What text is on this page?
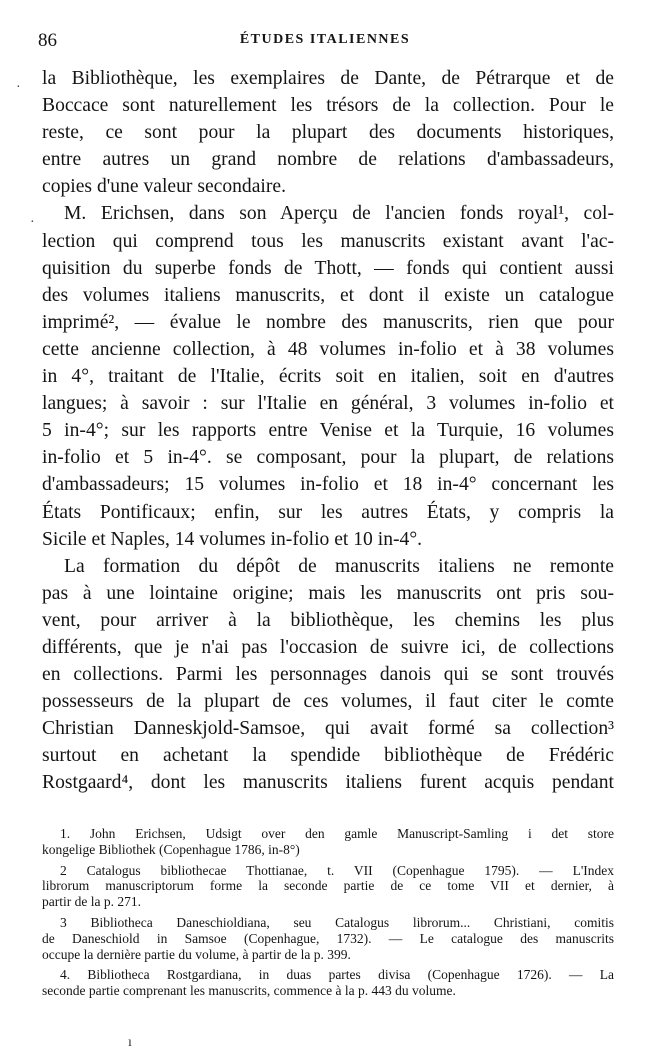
86	ÉTUDES ITALIENNES
·
·
la Bibliothèque, les exemplaires de Dante, de Pétrarque et de
Boccace sont naturellement les trésors de la collection. Pour le
reste, ce sont pour la plupart des documents historiques,
entre autres un grand nombre de relations d'ambassadeurs,
copies d'une valeur secondaire.
M. Erichsen, dans son Aperçu de l'ancien fonds royal¹, col-
lection qui comprend tous les manuscrits existant avant l'ac-
quisition du superbe fonds de Thott, — fonds qui contient aussi
des volumes italiens manuscrits, et dont il existe un catalogue
imprimé², — évalue le nombre des manuscrits, rien que pour
cette ancienne collection, à 48 volumes in-folio et à 38 volumes
in 4°, traitant de l'Italie, écrits soit en italien, soit en d'autres
langues; à savoir : sur l'Italie en général, 3 volumes in-folio et
5 in-4°; sur les rapports entre Venise et la Turquie, 16 volumes
in-folio et 5 in-4°. se composant, pour la plupart, de relations
d'ambassadeurs; 15 volumes in-folio et 18 in-4° concernant les
États Pontificaux; enfin, sur les autres États, y compris la
Sicile et Naples, 14 volumes in-folio et 10 in-4°.
La formation du dépôt de manuscrits italiens ne remonte
pas à une lointaine origine; mais les manuscrits ont pris sou-
vent, pour arriver à la bibliothèque, les chemins les plus
différents, que je n'ai pas l'occasion de suivre ici, de collections
en collections. Parmi les personnages danois qui se sont trouvés
possesseurs de la plupart de ces volumes, il faut citer le comte
Christian Danneskjold-Samsoe, qui avait formé sa collection³
surtout en achetant la spendide bibliothèque de Frédéric
Rostgaard⁴, dont les manuscrits italiens furent acquis pendant
1. John Erichsen, Udsigt over den gamle Manuscript-Samling i det store
kongelige Bibliothek (Copenhague 1786, in-8°)
2 Catalogus bibliothecae Thottianae, t. VII (Copenhague 1795). — L'Index
librorum manuscriptorum forme la seconde partie de ce tome VII et dernier, à
partir de la p. 271.
3 Bibliotheca Daneschioldiana, seu Catalogus librorum... Christiani, comitis
de Daneschiold in Samsoe (Copenhague, 1732). — Le catalogue des manuscrits
occupe la dernière partie du volume, à partir de la p. 399.
4. Bibliotheca Rostgardiana, in duas partes divisa (Copenhague 1726). — La
seconde partie comprenant les manuscrits, commence à la p. 443 du volume.
ı
